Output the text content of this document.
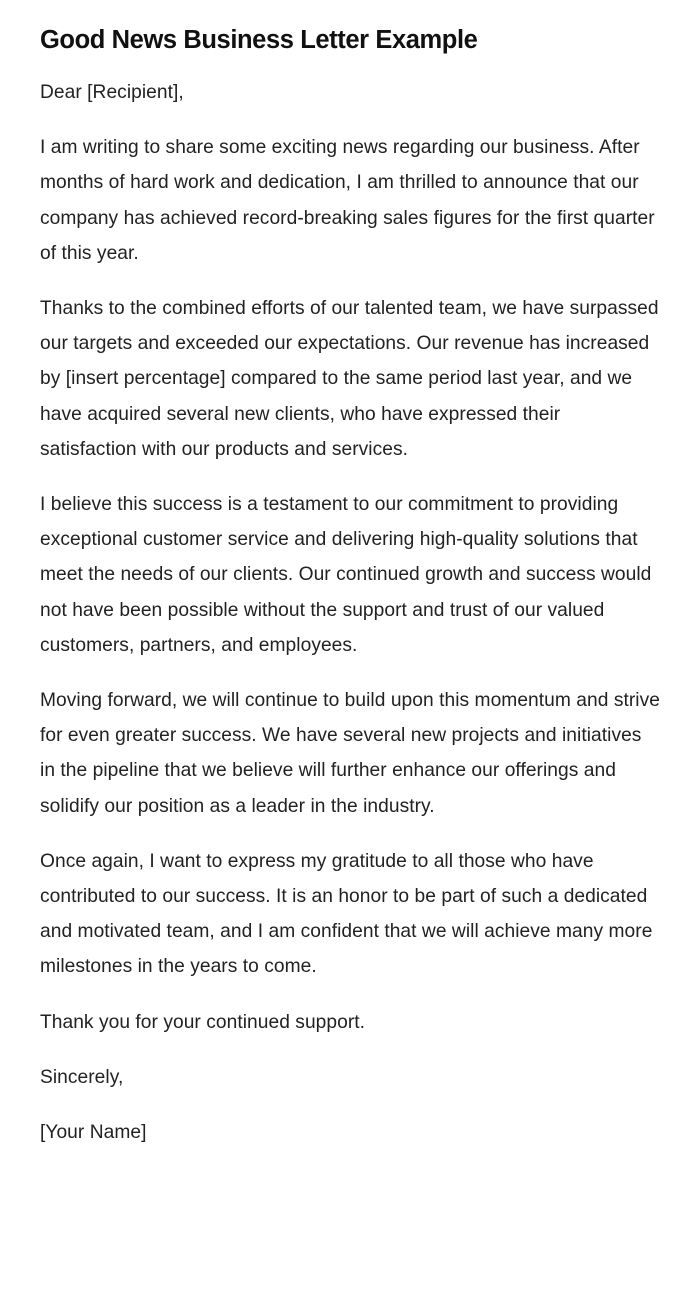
Good News Business Letter Example

Dear [Recipient],

I am writing to share some exciting news regarding our business. After months of hard work and dedication, I am thrilled to announce that our company has achieved record-breaking sales figures for the first quarter of this year.

Thanks to the combined efforts of our talented team, we have surpassed our targets and exceeded our expectations. Our revenue has increased by [insert percentage] compared to the same period last year, and we have acquired several new clients, who have expressed their satisfaction with our products and services.

I believe this success is a testament to our commitment to providing exceptional customer service and delivering high-quality solutions that meet the needs of our clients. Our continued growth and success would not have been possible without the support and trust of our valued customers, partners, and employees.

Moving forward, we will continue to build upon this momentum and strive for even greater success. We have several new projects and initiatives in the pipeline that we believe will further enhance our offerings and solidify our position as a leader in the industry.

Once again, I want to express my gratitude to all those who have contributed to our success. It is an honor to be part of such a dedicated and motivated team, and I am confident that we will achieve many more milestones in the years to come.

Thank you for your continued support.

Sincerely,

[Your Name]
